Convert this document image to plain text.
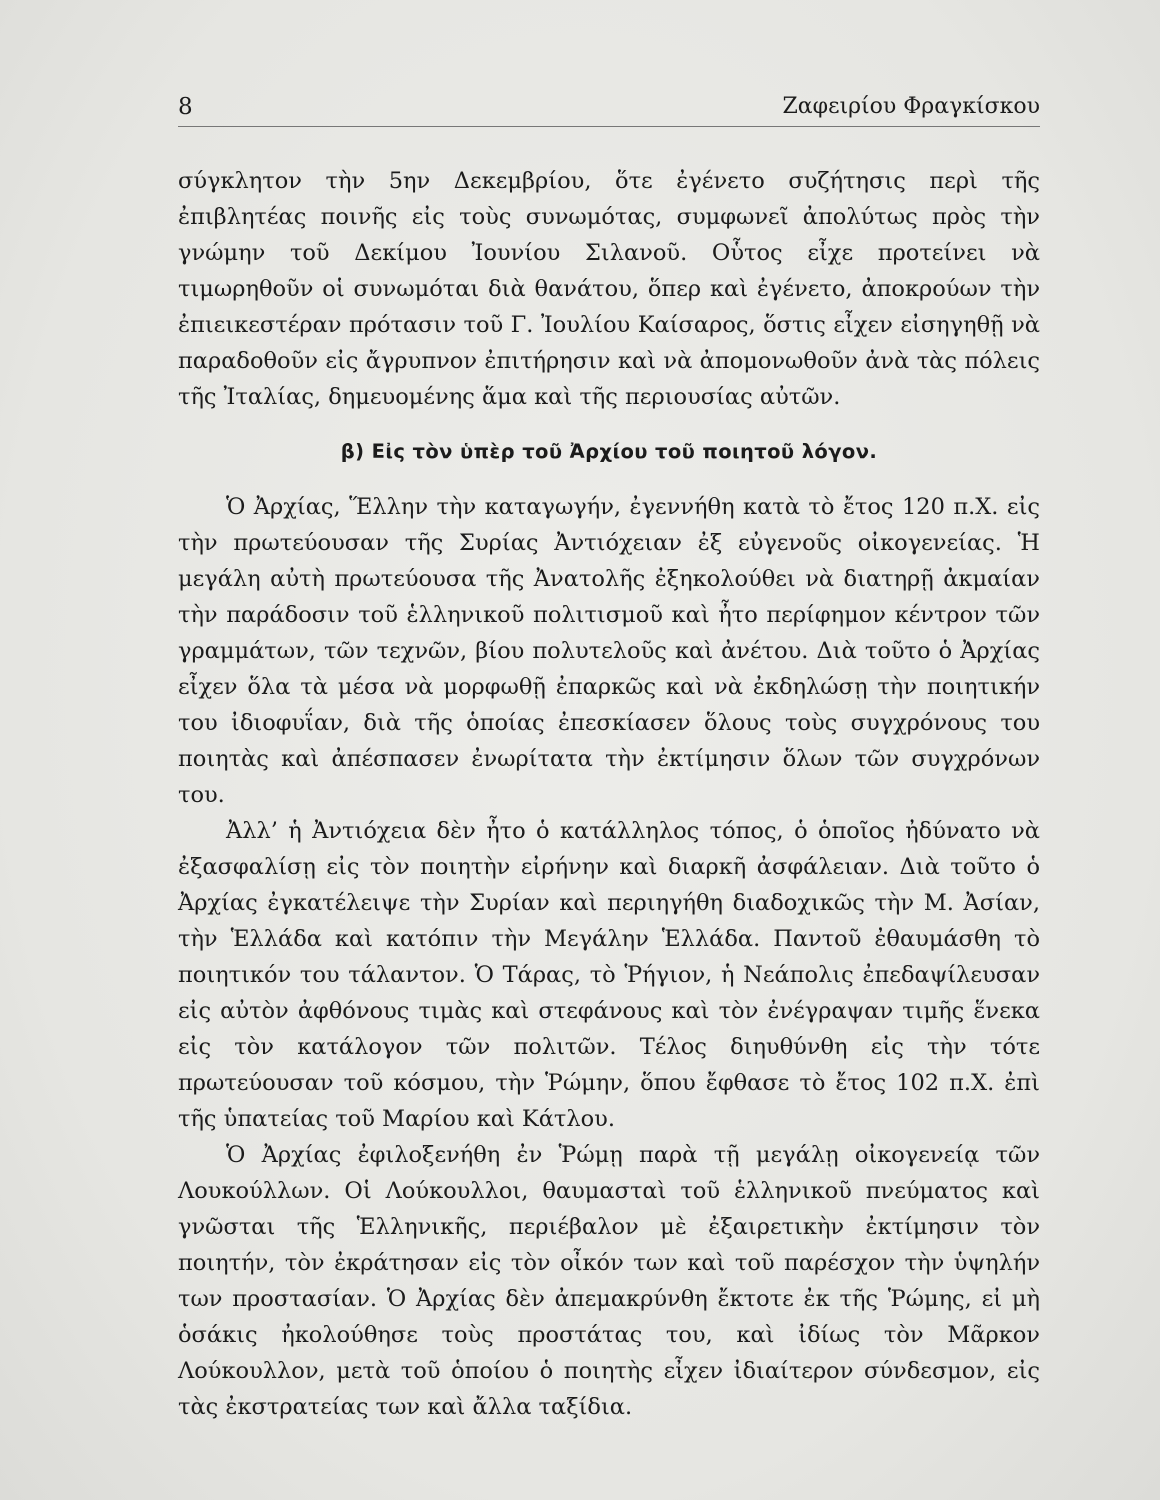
8	Ζαφειρίου Φραγκίσκου

σύγκλητον τὴν 5ην Δεκεμβρίου, ὅτε ἐγένετο συζήτησις περὶ τῆς ἐπιβλητέας ποινῆς εἰς τοὺς συνωμότας, συμφωνεῖ ἀπολύτως πρὸς τὴν γνώμην τοῦ Δεκίμου Ἰουνίου Σιλανοῦ. Οὗτος εἶχε προτείνει νὰ τιμωρηθοῦν οἱ συνωμόται διὰ θανάτου, ὅπερ καὶ ἐγένετο, ἀποκρούων τὴν ἐπιεικεστέραν πρότασιν τοῦ Γ. Ἰουλίου Καίσαρος, ὅστις εἶχεν εἰσηγηθῇ νὰ παραδοθοῦν εἰς ἄγρυπνον ἐπιτήρησιν καὶ νὰ ἀπομονωθοῦν ἀνὰ τὰς πόλεις τῆς Ἰταλίας, δημευομένης ἅμα καὶ τῆς περιουσίας αὐτῶν.

β) Εἰς τὸν ὑπὲρ τοῦ Ἀρχίου τοῦ ποιητοῦ λόγον.

Ὁ Ἀρχίας, Ἕλλην τὴν καταγωγήν, ἐγεννήθη κατὰ τὸ ἔτος 120 π.Χ. εἰς τὴν πρωτεύουσαν τῆς Συρίας Ἀντιόχειαν ἐξ εὐγενοῦς οἰκογενείας. Ἡ μεγάλη αὐτὴ πρωτεύουσα τῆς Ἀνατολῆς ἐξηκολούθει νὰ διατηρῇ ἀκμαίαν τὴν παράδοσιν τοῦ ἑλληνικοῦ πολιτισμοῦ καὶ ἦτο περίφημον κέντρον τῶν γραμμάτων, τῶν τεχνῶν, βίου πολυτελοῦς καὶ ἀνέτου. Διὰ τοῦτο ὁ Ἀρχίας εἶχεν ὅλα τὰ μέσα νὰ μορφωθῇ ἐπαρκῶς καὶ νὰ ἐκδηλώσῃ τὴν ποιητικήν του ἰδιοφυΐαν, διὰ τῆς ὁποίας ἐπεσκίασεν ὅλους τοὺς συγχρόνους του ποιητὰς καὶ ἀπέσπασεν ἐνωρίτατα τὴν ἐκτίμησιν ὅλων τῶν συγχρόνων του.

Ἀλλ’ ἡ Ἀντιόχεια δὲν ἦτο ὁ κατάλληλος τόπος, ὁ ὁποῖος ἠδύνατο νὰ ἐξασφαλίσῃ εἰς τὸν ποιητὴν εἰρήνην καὶ διαρκῆ ἀσφάλειαν. Διὰ τοῦτο ὁ Ἀρχίας ἐγκατέλειψε τὴν Συρίαν καὶ περιηγήθη διαδοχικῶς τὴν Μ. Ἀσίαν, τὴν Ἑλλάδα καὶ κατόπιν τὴν Μεγάλην Ἑλλάδα. Παντοῦ ἐθαυμάσθη τὸ ποιητικόν του τάλαντον. Ὁ Τάρας, τὸ Ῥήγιον, ἡ Νεάπολις ἐπεδαψίλευσαν εἰς αὐτὸν ἀφθόνους τιμὰς καὶ στεφάνους καὶ τὸν ἐνέγραψαν τιμῆς ἕνεκα εἰς τὸν κατάλογον τῶν πολιτῶν. Τέλος διηυθύνθη εἰς τὴν τότε πρωτεύουσαν τοῦ κόσμου, τὴν Ῥώμην, ὅπου ἔφθασε τὸ ἔτος 102 π.Χ. ἐπὶ τῆς ὑπατείας τοῦ Μαρίου καὶ Κάτλου.

Ὁ Ἀρχίας ἐφιλοξενήθη ἐν Ῥώμῃ παρὰ τῇ μεγάλῃ οἰκογενείᾳ τῶν Λουκούλλων. Οἱ Λούκουλλοι, θαυμασταὶ τοῦ ἑλληνικοῦ πνεύματος καὶ γνῶσται τῆς Ἑλληνικῆς, περιέβαλον μὲ ἐξαιρετικὴν ἐκτίμησιν τὸν ποιητήν, τὸν ἐκράτησαν εἰς τὸν οἶκόν των καὶ τοῦ παρέσχον τὴν ὑψηλήν των προστασίαν. Ὁ Ἀρχίας δὲν ἀπεμακρύνθη ἔκτοτε ἐκ τῆς Ῥώμης, εἰ μὴ ὁσάκις ἠκολούθησε τοὺς προστάτας του, καὶ ἰδίως τὸν Μᾶρκον Λούκουλλον, μετὰ τοῦ ὁποίου ὁ ποιητὴς εἶχεν ἰδιαίτερον σύνδεσμον, εἰς τὰς ἐκστρατείας των καὶ ἄλλα ταξίδια.
